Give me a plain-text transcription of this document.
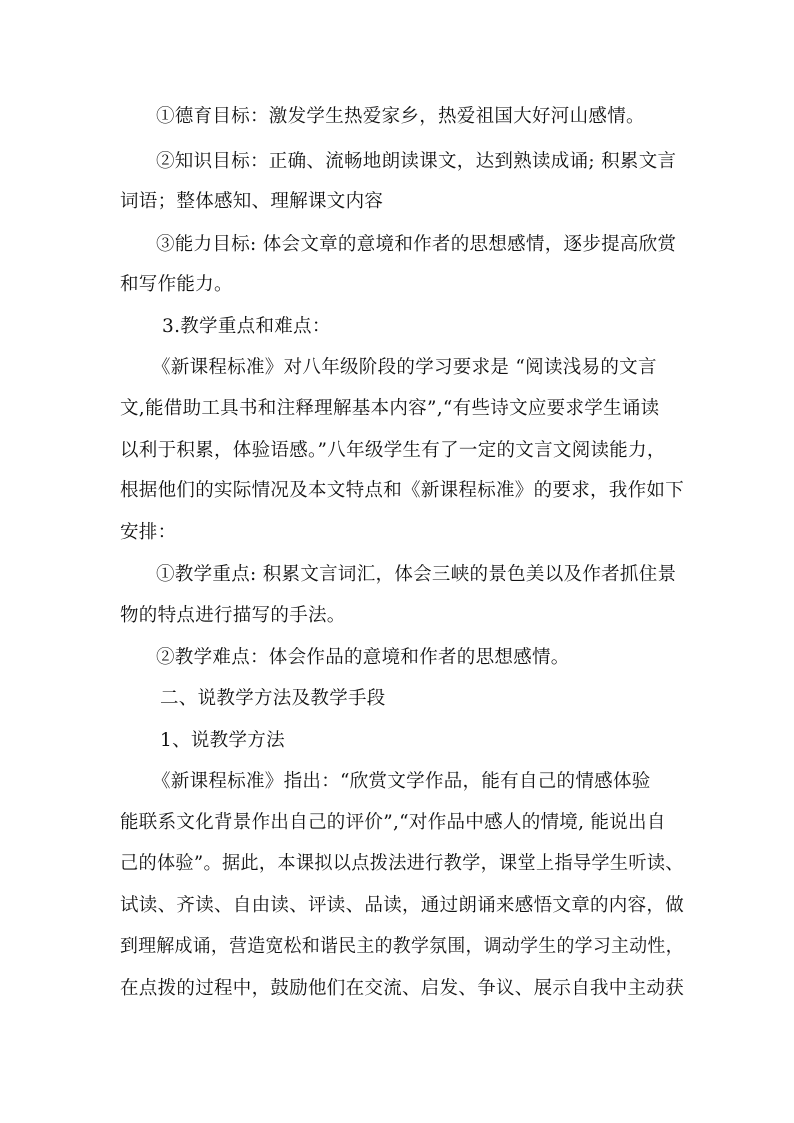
①德育目标：激发学生热爱家乡，热爱祖国大好河山感情。
②知识目标：正确、流畅地朗读课文，达到熟读成诵; 积累文言
词语；整体感知、理解课文内容
③能力目标: 体会文章的意境和作者的思想感情，逐步提高欣赏
和写作能力。
3.教学重点和难点：
《新课程标准》对八年级阶段的学习要求是 “阅读浅易的文言
文,能借助工具书和注释理解基本内容”,“有些诗文应要求学生诵读
以利于积累，体验语感。”八年级学生有了一定的文言文阅读能力，
根据他们的实际情况及本文特点和《新课程标准》的要求，我作如下
安排：
①教学重点: 积累文言词汇，体会三峡的景色美以及作者抓住景
物的特点进行描写的手法。
②教学难点：体会作品的意境和作者的思想感情。
二、说教学方法及教学手段
1、说教学方法
《新课程标准》指出：“欣赏文学作品，能有自己的情感体验
能联系文化背景作出自己的评价”,“对作品中感人的情境, 能说出自
己的体验”。据此，本课拟以点拨法进行教学，课堂上指导学生听读、
试读、齐读、自由读、评读、品读，通过朗诵来感悟文章的内容，做
到理解成诵，营造宽松和谐民主的教学氛围，调动学生的学习主动性，
在点拨的过程中，鼓励他们在交流、启发、争议、展示自我中主动获
